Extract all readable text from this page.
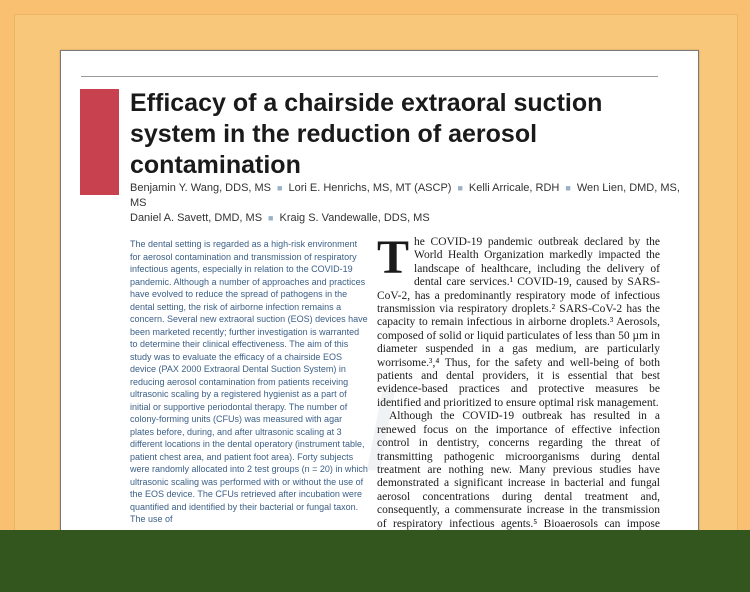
Efficacy of a chairside extraoral suction system in the reduction of aerosol contamination
Benjamin Y. Wang, DDS, MS ■ Lori E. Henrichs, MS, MT (ASCP) ■ Kelli Arricale, RDH ■ Wen Lien, DMD, MS, MS
Daniel A. Savett, DMD, MS ■ Kraig S. Vandewalle, DDS, MS

The dental setting is regarded as a high-risk environment for aerosol contamination and transmission of respiratory infectious agents, especially in relation to the COVID-19 pandemic. Although a number of approaches and practices have evolved to reduce the spread of pathogens in the dental setting, the risk of airborne infection remains a concern. Several new extraoral suction (EOS) devices have been marketed recently; further investigation is warranted to determine their clinical effectiveness. The aim of this study was to evaluate the efficacy of a chairside EOS device (PAX 2000 Extraoral Dental Suction System) in reducing aerosol contamination from patients receiving ultrasonic scaling by a registered hygienist as a part of initial or supportive periodontal therapy. The number of colony-forming units (CFUs) was measured with agar plates before, during, and after ultrasonic scaling at 3 different locations in the dental operatory (instrument table, patient chest area, and patient foot area). Forty subjects were randomly allocated into 2 test groups (n = 20) in which ultrasonic scaling was performed with or without the use of the EOS device. The CFUs retrieved after incubation were quantified and identified by their bacterial or fungal taxon. The use of

/

The COVID-19 pandemic outbreak declared by the World Health Organization markedly impacted the landscape of healthcare, including the delivery of dental care services.¹ COVID-19, caused by SARS-CoV-2, has a predominantly respiratory mode of infectious transmission via respiratory droplets.² SARS-CoV-2 has the capacity to remain infectious in airborne droplets.³ Aerosols, composed of solid or liquid particulates of less than 50 µm in diameter suspended in a gas medium, are particularly worrisome.³,⁴ Thus, for the safety and well-being of both patients and dental providers, it is essential that best evidence-based practices and protective measures be identified and prioritized to ensure optimal risk management.

Although the COVID-19 outbreak has resulted in a renewed focus on the importance of effective infection control in dentistry, concerns regarding the threat of transmitting pathogenic microorganisms during dental treatment are nothing new. Many previous studies have demonstrated a significant increase in bacterial and fungal aerosol concentrations during dental treatment and, consequently, a commensurate increase in the transmission of respiratory infectious agents.⁵ Bioaerosols can impose
